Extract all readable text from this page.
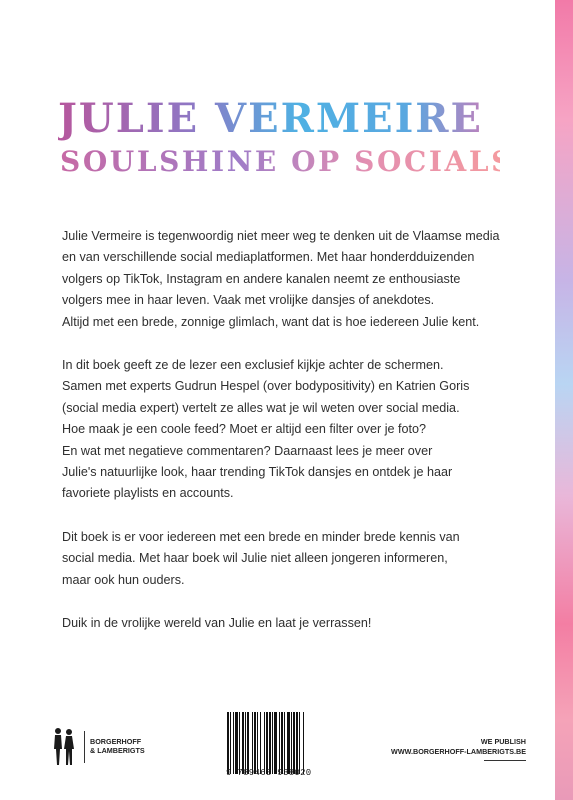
JULIE VERMEIRE
SOULSHINE OP SOCIALS

Julie Vermeire is tegenwoordig niet meer weg te denken uit de Vlaamse media
en van verschillende social mediaplatformen. Met haar honderdduizenden
volgers op TikTok, Instagram en andere kanalen neemt ze enthousiaste
volgers mee in haar leven. Vaak met vrolijke dansjes of anekdotes.
Altijd met een brede, zonnige glimlach, want dat is hoe iedereen Julie kent.

In dit boek geeft ze de lezer een exclusief kijkje achter de schermen.
Samen met experts Gudrun Hespel (over bodypositivity) en Katrien Goris
(social media expert) vertelt ze alles wat je wil weten over social media.
Hoe maak je een coole feed? Moet er altijd een filter over je foto?
En wat met negatieve commentaren? Daarnaast lees je meer over
Julie's natuurlijke look, haar trending TikTok dansjes en ontdek je haar
favoriete playlists en accounts.

Dit boek is er voor iedereen met een brede en minder brede kennis van
social media. Met haar boek wil Julie niet alleen jongeren informeren,
maar ook hun ouders.

Duik in de vrolijke wereld van Julie en laat je verrassen!

BORGERHOFF
& LAMBERIGTS
9 789463 938020
WE PUBLISH
WWW.BORGERHOFF-LAMBERIGTS.BE
